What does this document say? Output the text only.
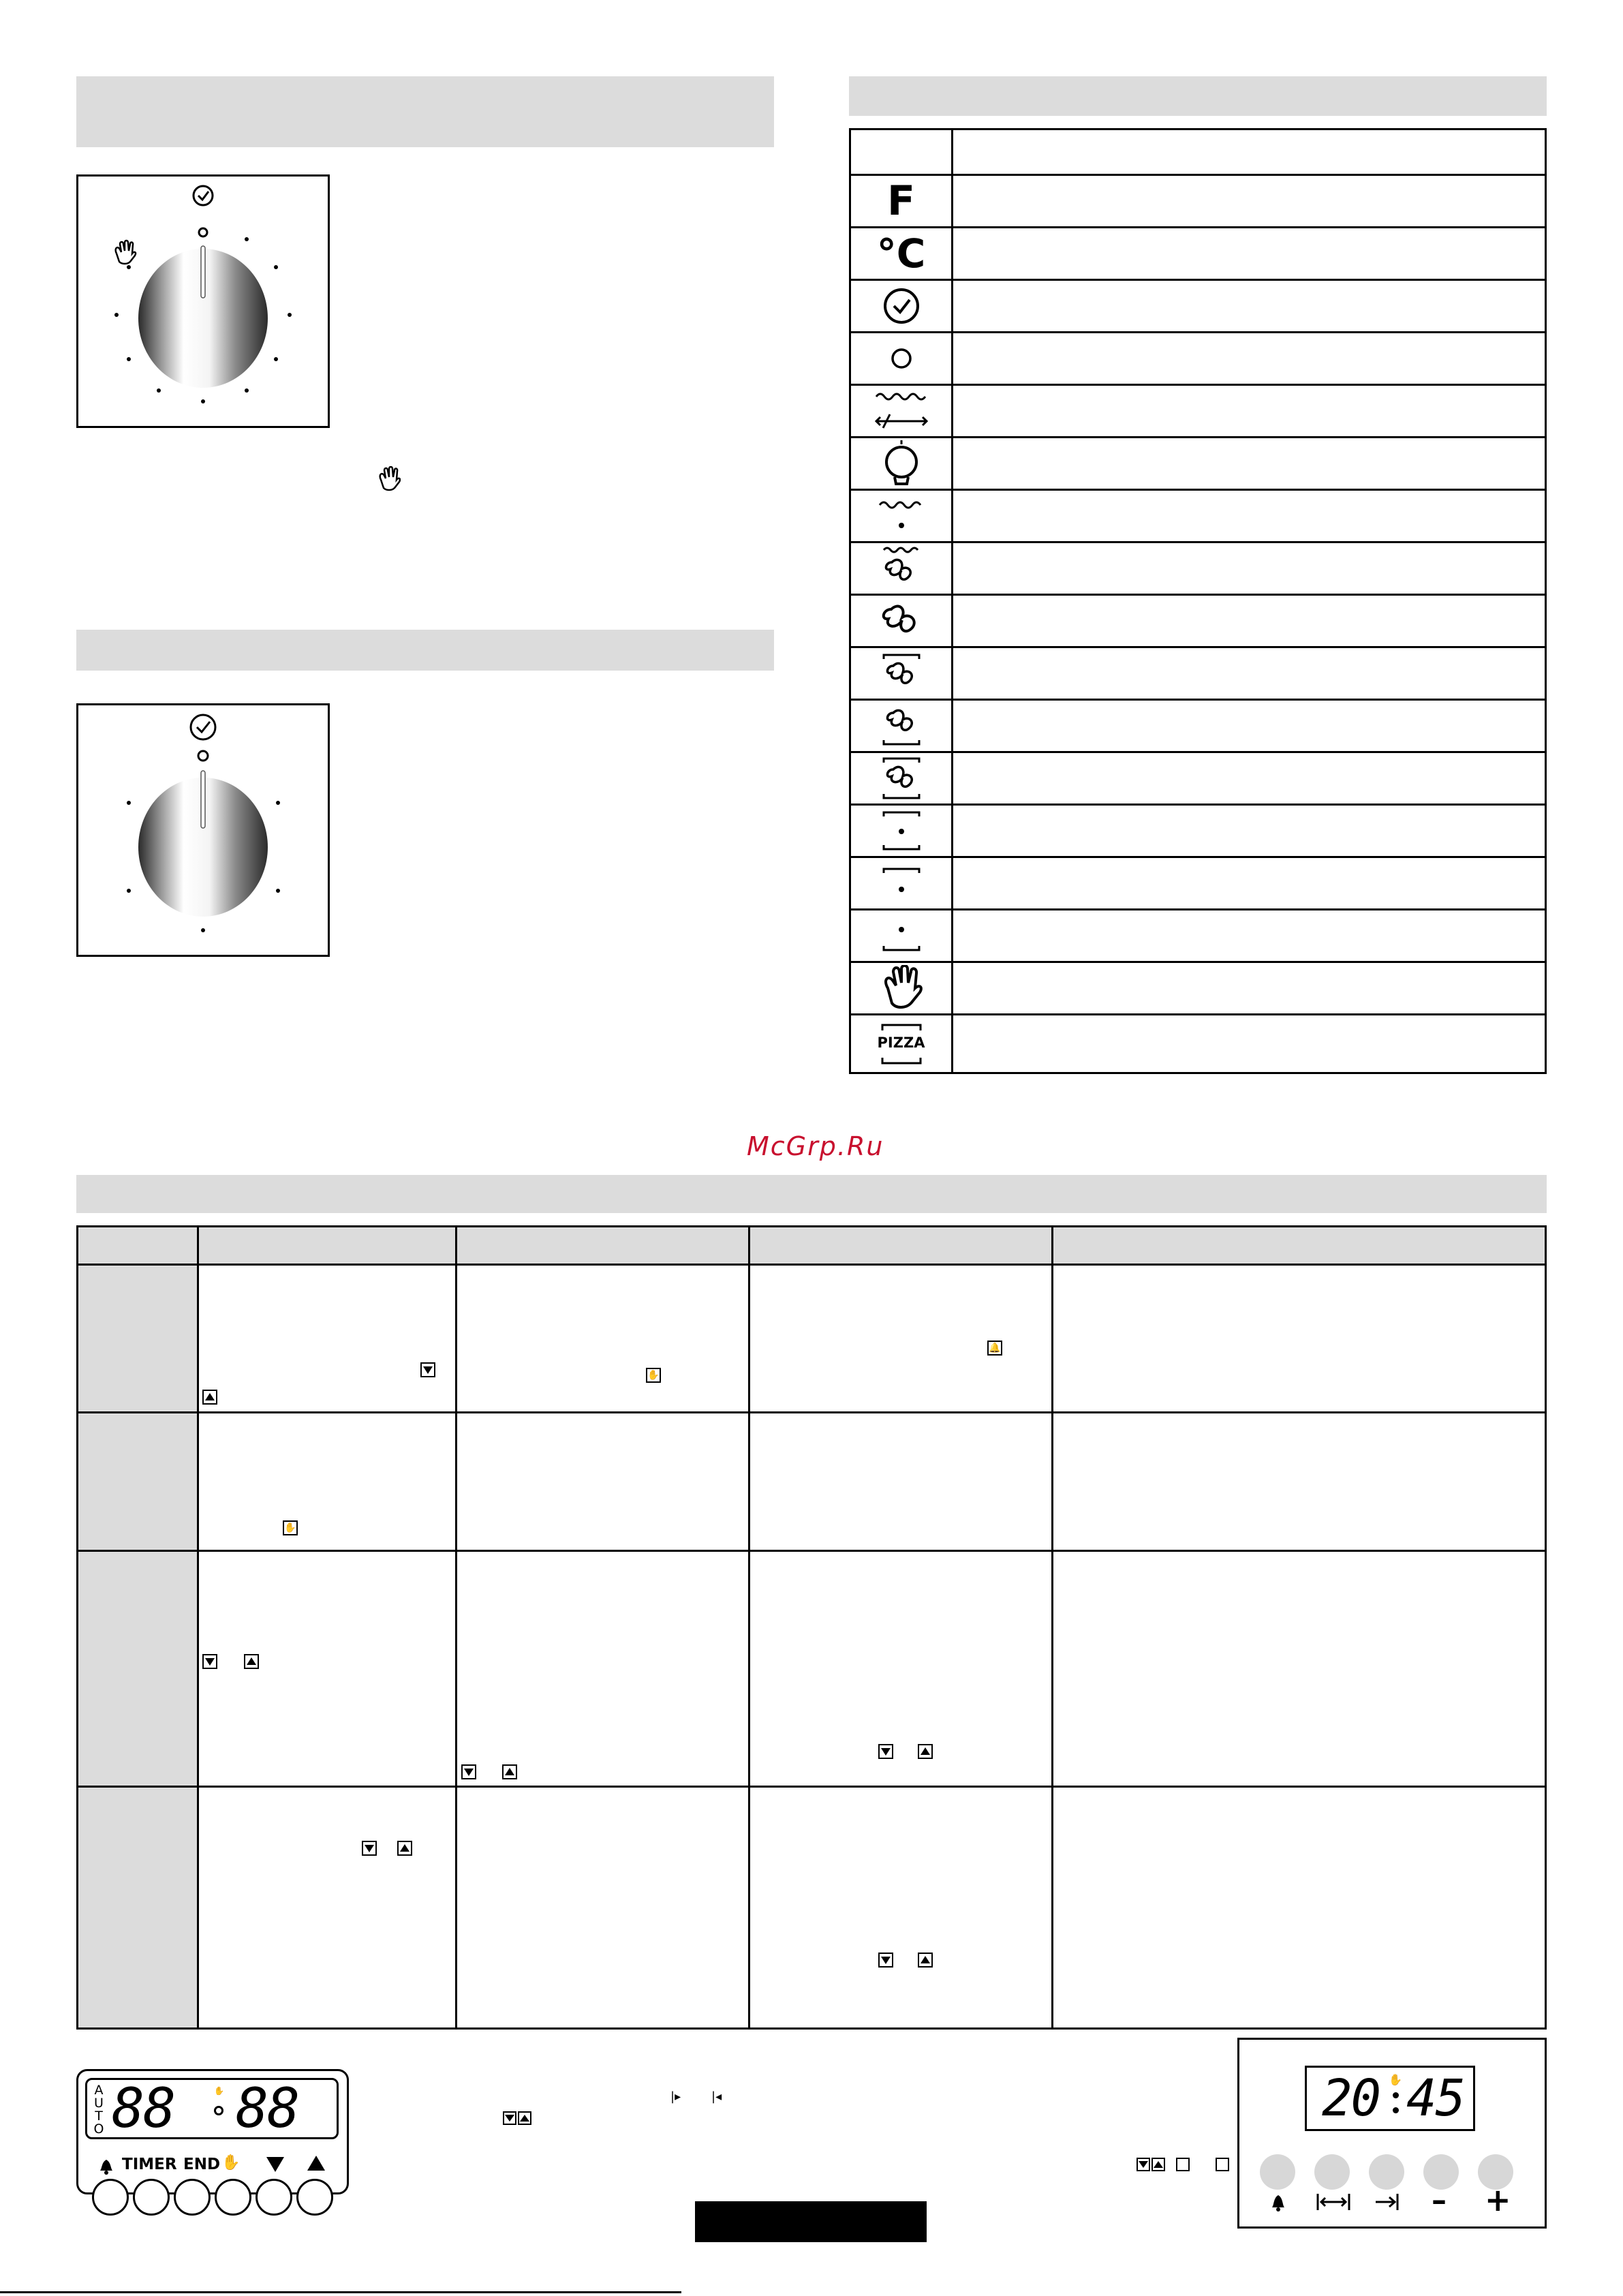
F
°C
PIZZA
McGrp.Ru
✋
🔔
✋
A
U
T
O 88	✋ 88
TIMER END ✋
|▸ |◂	20 ✋ 45
– +
